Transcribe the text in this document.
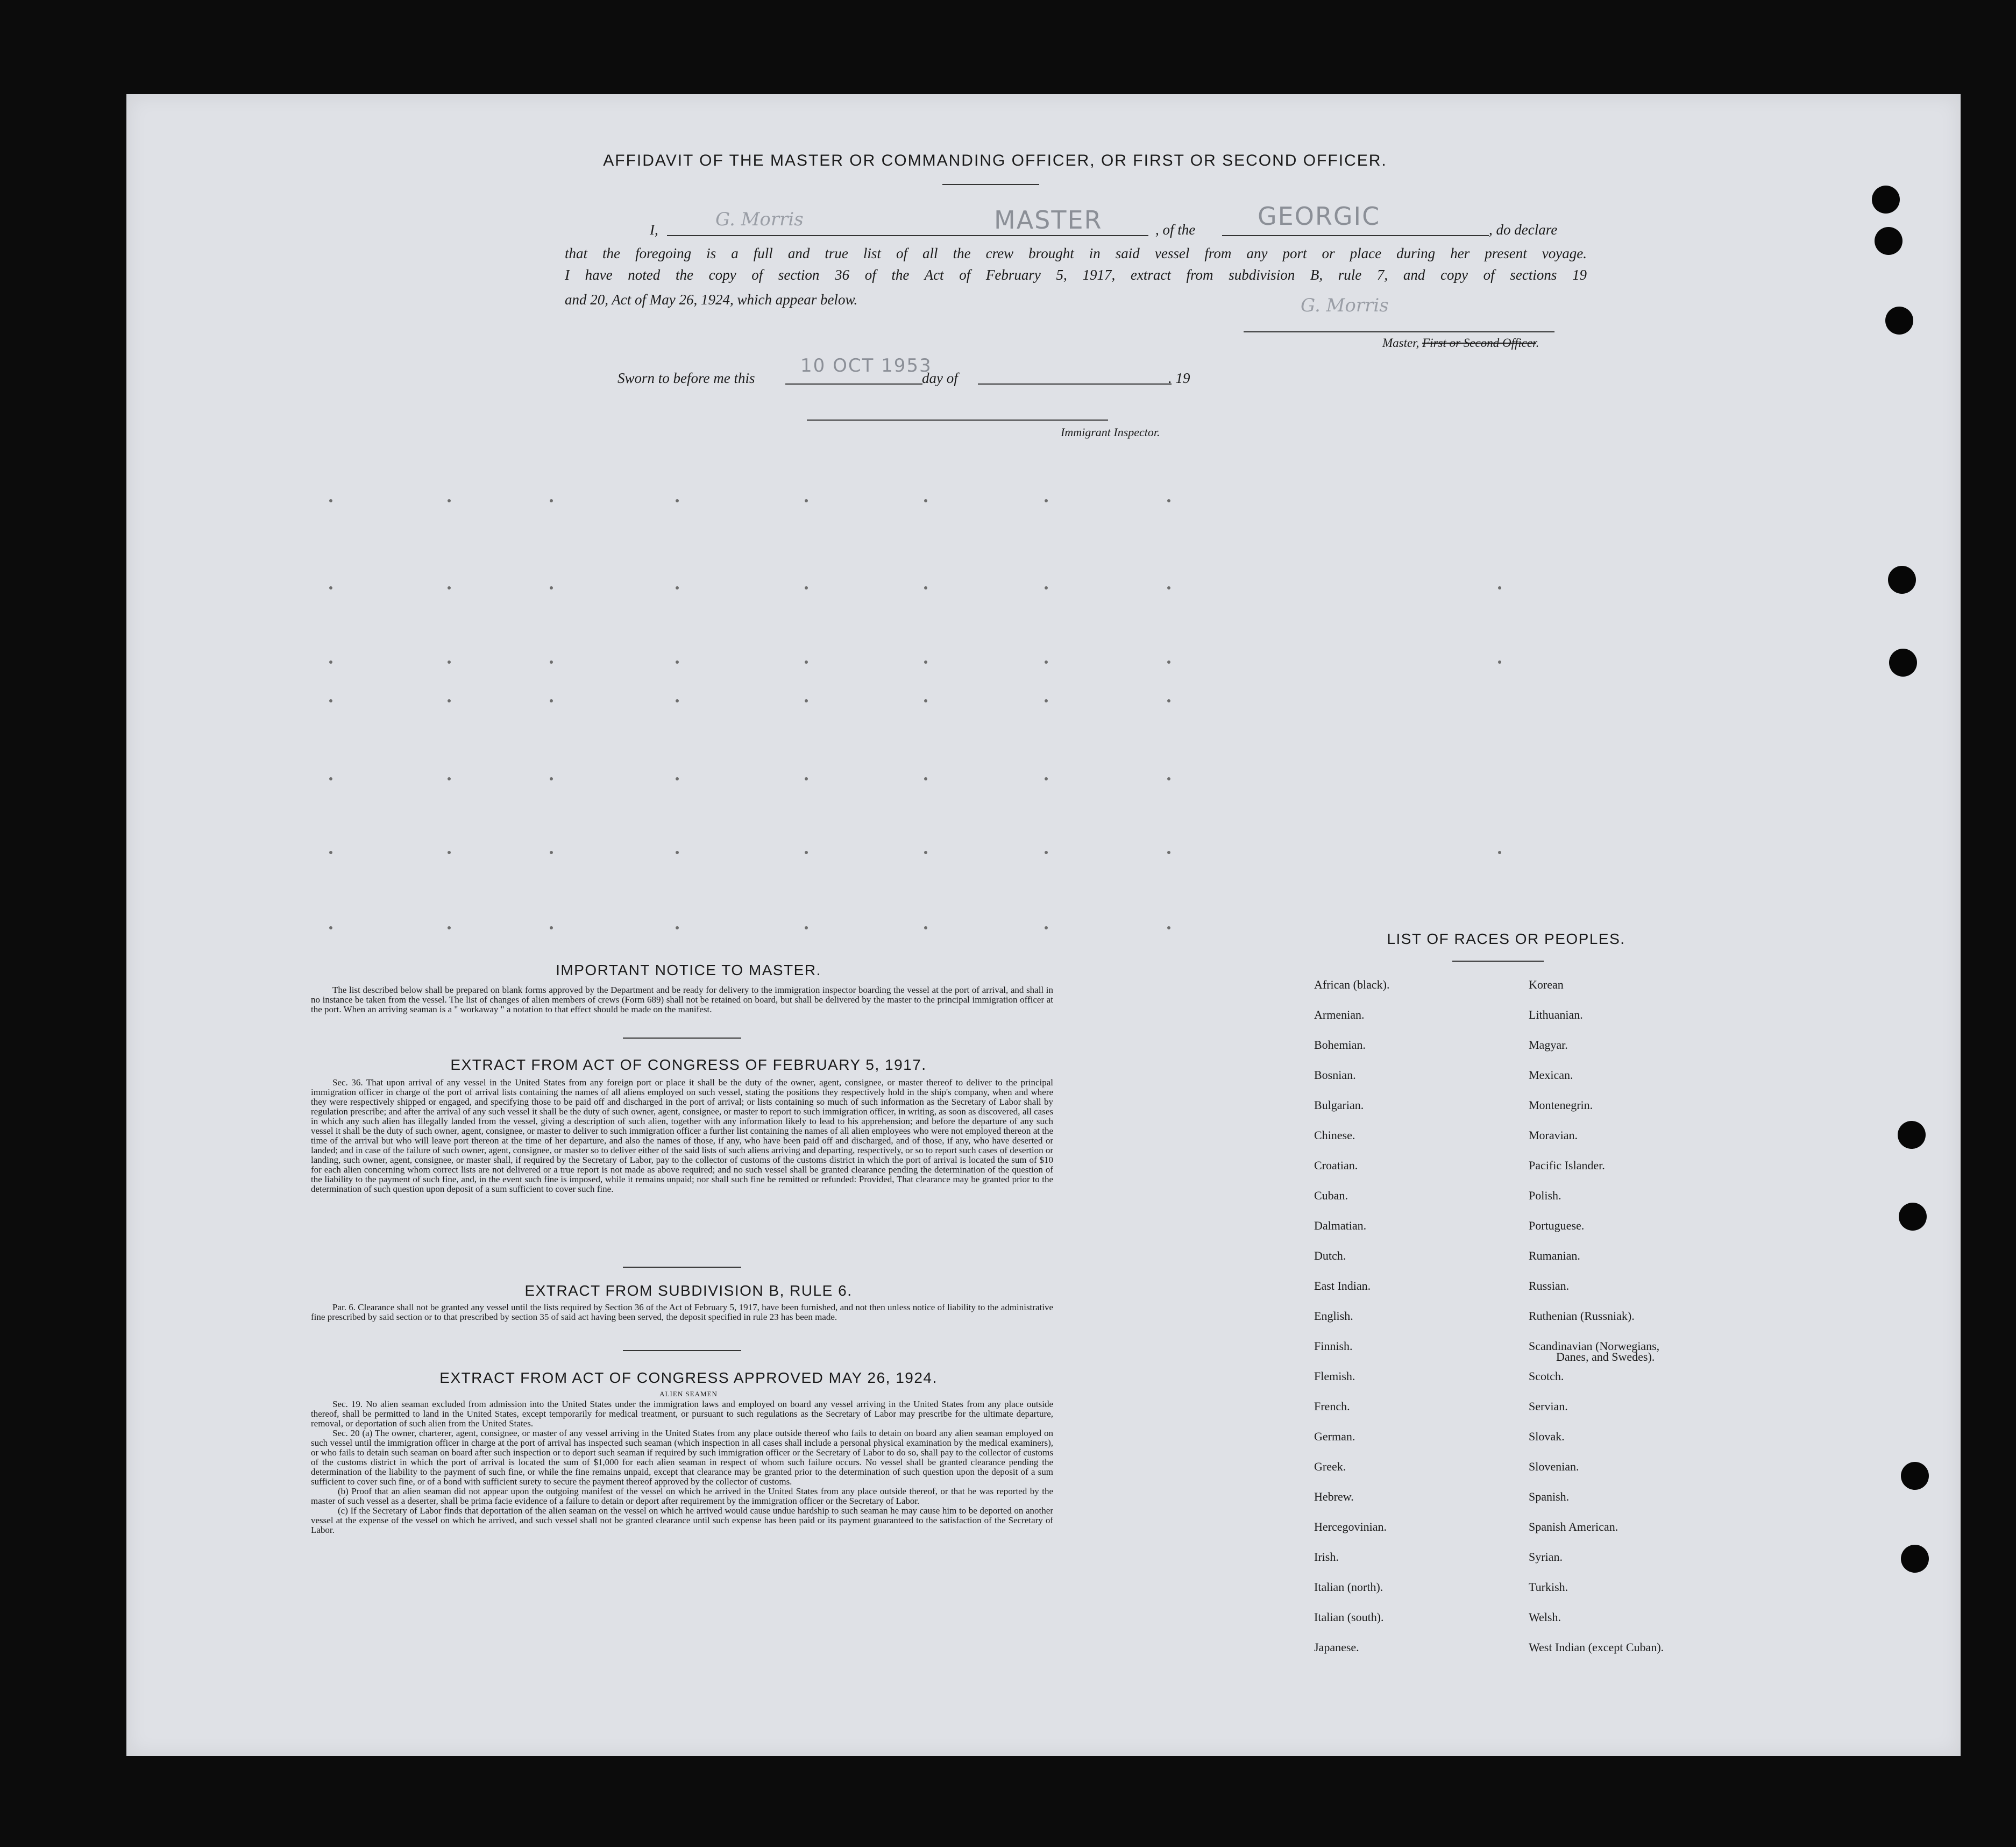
AFFIDAVIT OF THE MASTER OR COMMANDING OFFICER, OR FIRST OR SECOND OFFICER.
I,	G. Morris	MASTER	, of the	GEORGIC	, do declare
that the foregoing is a full and true list of all the crew brought in said vessel from any port or place during her present voyage.
I have noted the copy of section 36 of the Act of February 5, 1917, extract from subdivision B, rule 7, and copy of sections 19
and 20, Act of May 26, 1924, which appear below.	G. Morris
Master, First or Second Officer.
Sworn to before me this
10 OCT 1953
day of	. 19
Immigrant Inspector.
IMPORTANT NOTICE TO MASTER.
The list described below shall be prepared on blank forms approved by the Department and be ready for delivery to the immigration inspector boarding the vessel at the port of arrival, and shall in no instance be taken from the vessel. The list of changes of alien members of crews (Form 689) shall not be retained on board, but shall be delivered by the master to the principal immigration officer at the port. When an arriving seaman is a " workaway " a notation to that effect should be made on the manifest.
EXTRACT FROM ACT OF CONGRESS OF FEBRUARY 5, 1917.
Sec. 36. That upon arrival of any vessel in the United States from any foreign port or place it shall be the duty of the owner, agent, consignee, or master thereof to deliver to the principal immigration officer in charge of the port of arrival lists containing the names of all aliens employed on such vessel, stating the positions they respectively hold in the ship's company, when and where they were respectively shipped or engaged, and specifying those to be paid off and discharged in the port of arrival; or lists containing so much of such information as the Secretary of Labor shall by regulation prescribe; and after the arrival of any such vessel it shall be the duty of such owner, agent, consignee, or master to report to such immigration officer, in writing, as soon as discovered, all cases in which any such alien has illegally landed from the vessel, giving a description of such alien, together with any information likely to lead to his apprehension; and before the departure of any such vessel it shall be the duty of such owner, agent, consignee, or master to deliver to such immigration officer a further list containing the names of all alien employees who were not employed thereon at the time of the arrival but who will leave port thereon at the time of her departure, and also the names of those, if any, who have been paid off and discharged, and of those, if any, who have deserted or landed; and in case of the failure of such owner, agent, consignee, or master so to deliver either of the said lists of such aliens arriving and departing, respectively, or so to report such cases of desertion or landing, such owner, agent, consignee, or master shall, if required by the Secretary of Labor, pay to the collector of customs of the customs district in which the port of arrival is located the sum of $10 for each alien concerning whom correct lists are not delivered or a true report is not made as above required; and no such vessel shall be granted clearance pending the determination of the question of the liability to the payment of such fine, and, in the event such fine is imposed, while it remains unpaid; nor shall such fine be remitted or refunded: Provided, That clearance may be granted prior to the determination of such question upon deposit of a sum sufficient to cover such fine.
EXTRACT FROM SUBDIVISION B, RULE 6.
Par. 6. Clearance shall not be granted any vessel until the lists required by Section 36 of the Act of February 5, 1917, have been furnished, and not then unless notice of liability to the administrative fine prescribed by said section or to that prescribed by section 35 of said act having been served, the deposit specified in rule 23 has been made.
EXTRACT FROM ACT OF CONGRESS APPROVED MAY 26, 1924.
ALIEN SEAMEN
Sec. 19. No alien seaman excluded from admission into the United States under the immigration laws and employed on board any vessel arriving in the United States from any place outside thereof, shall be permitted to land in the United States, except temporarily for medical treatment, or pursuant to such regulations as the Secretary of Labor may prescribe for the ultimate departure, removal, or deportation of such alien from the United States.
Sec. 20 (a) The owner, charterer, agent, consignee, or master of any vessel arriving in the United States from any place outside thereof who fails to detain on board any alien seaman employed on such vessel until the immigration officer in charge at the port of arrival has inspected such seaman (which inspection in all cases shall include a personal physical examination by the medical examiners), or who fails to detain such seaman on board after such inspection or to deport such seaman if required by such immigration officer or the Secretary of Labor to do so, shall pay to the collector of customs of the customs district in which the port of arrival is located the sum of $1,000 for each alien seaman in respect of whom such failure occurs. No vessel shall be granted clearance pending the determination of the liability to the payment of such fine, or while the fine remains unpaid, except that clearance may be granted prior to the determination of such question upon the deposit of a sum sufficient to cover such fine, or of a bond with sufficient surety to secure the payment thereof approved by the collector of customs.
(b) Proof that an alien seaman did not appear upon the outgoing manifest of the vessel on which he arrived in the United States from any place outside thereof, or that he was reported by the master of such vessel as a deserter, shall be prima facie evidence of a failure to detain or deport after requirement by the immigration officer or the Secretary of Labor.
(c) If the Secretary of Labor finds that deportation of the alien seaman on the vessel on which he arrived would cause undue hardship to such seaman he may cause him to be deported on another vessel at the expense of the vessel on which he arrived, and such vessel shall not be granted clearance until such expense has been paid or its payment guaranteed to the satisfaction of the Secretary of Labor.
LIST OF RACES OR PEOPLES.
African (black).
Armenian.
Bohemian.
Bosnian.
Bulgarian.
Chinese.
Croatian.
Cuban.
Dalmatian.
Dutch.
East Indian.
English.
Finnish.
Flemish.
French.
German.
Greek.
Hebrew.
Hercegovinian.
Irish.
Italian (north).
Italian (south).
Japanese.
Korean
Lithuanian.
Magyar.
Mexican.
Montenegrin.
Moravian.
Pacific Islander.
Polish.
Portuguese.
Rumanian.
Russian.
Ruthenian (Russniak).
Scandinavian (Norwegians,
Scotch.
Servian.
Slovak.
Slovenian.
Spanish.
Spanish American.
Syrian.
Turkish.
Welsh.
West Indian (except Cuban).
Danes, and Swedes).
